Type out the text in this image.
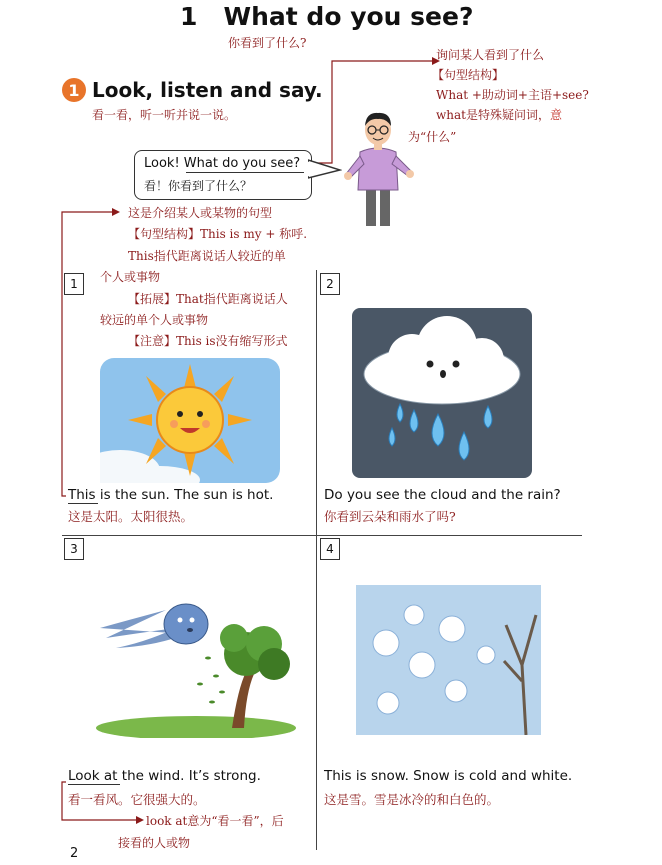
1 What do you see?
你看到了什么?
1 Look, listen and say.
看一看，听一听并说一说。
询问某人看到了什么
【句型结构】
What +助动词+主语+see?
what是特殊疑问词，意
为“什么”
Look! What do you see?
看！你看到了什么？
这是介绍某人或某物的句型
【句型结构】This is my + 称呼.
This指代距离说话人较近的单
个人或事物
【拓展】That指代距离说话人
较远的单个人或事物
【注意】This is没有缩写形式
1	2
3	4
This is the sun. The sun is hot.
这是太阳。太阳很热。
Do you see the cloud and the rain?
你看到云朵和雨水了吗?
Look at the wind. It’s strong.
看一看风。它很强大的。
This is snow. Snow is cold and white.
这是雪。雪是冰冷的和白色的。
look at意为“看一看”，后
接看的人或物
2
